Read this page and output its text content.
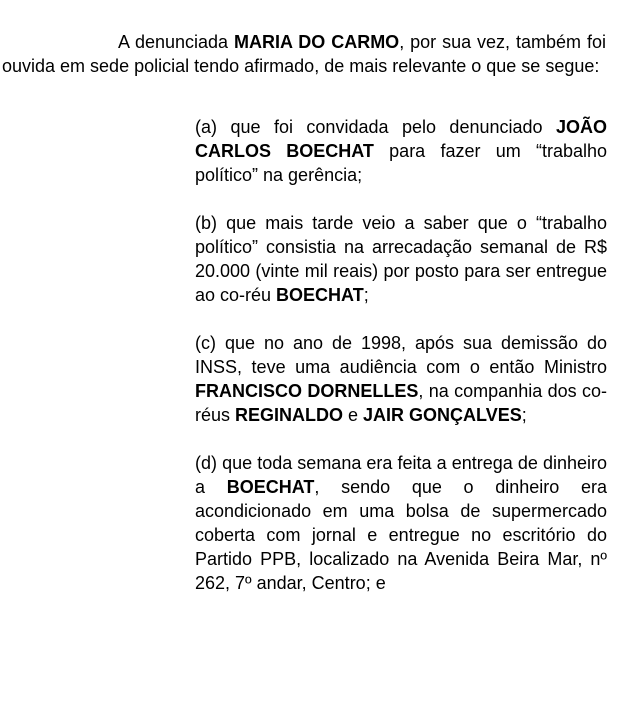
A denunciada MARIA DO CARMO, por sua vez, também foi ouvida em sede policial tendo afirmado, de mais relevante o que se segue:

(a) que foi convidada pelo denunciado JOÃO CARLOS BOECHAT para fazer um “trabalho político” na gerência;

(b) que mais tarde veio a saber que o “trabalho político” consistia na arrecadação semanal de R$ 20.000 (vinte mil reais) por posto para ser entregue ao co-réu BOECHAT;

(c) que no ano de 1998, após sua demissão do INSS, teve uma audiência com o então Ministro FRANCISCO DORNELLES, na companhia dos co-réus REGINALDO e JAIR GONÇALVES;

(d) que toda semana era feita a entrega de dinheiro a BOECHAT, sendo que o dinheiro era acondicionado em uma bolsa de supermercado coberta com jornal e entregue no escritório do Partido PPB, localizado na Avenida Beira Mar, nº 262, 7º andar, Centro; e
